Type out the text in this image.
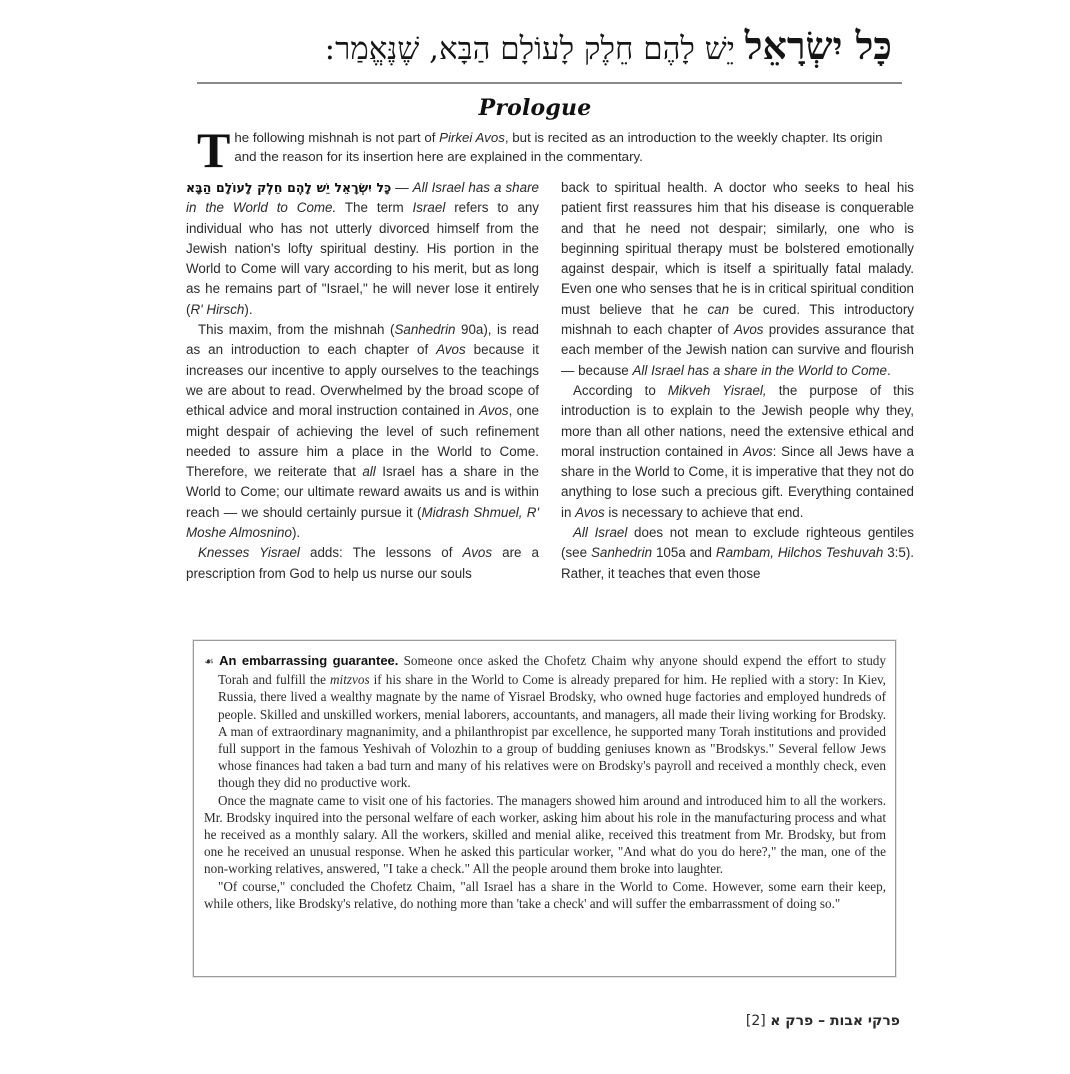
כָּל יִשְׂרָאֵל יֵשׁ לָהֶם חֵלֶק לָעוֹלָם הַבָּא, שֶׁנֶּאֱמַר:
Prologue
The following mishnah is not part of Pirkei Avos, but is recited as an introduction to the weekly chapter. Its origin and the reason for its insertion here are explained in the commentary.

כָּל יִשְׂרָאֵל יֵשׁ לָהֶם חֵלֶק לָעוֹלָם הַבָּא — All Israel has a share in the World to Come. The term Israel refers to any individual who has not utterly divorced himself from the Jewish nation's lofty spiritual destiny. His portion in the World to Come will vary according to his merit, but as long as he remains part of "Israel," he will never lose it entirely (R' Hirsch).

This maxim, from the mishnah (Sanhedrin 90a), is read as an introduction to each chapter of Avos because it increases our incentive to apply ourselves to the teachings we are about to read. Overwhelmed by the broad scope of ethical advice and moral instruction contained in Avos, one might despair of achieving the level of such refinement needed to assure him a place in the World to Come. Therefore, we reiterate that all Israel has a share in the World to Come; our ultimate reward awaits us and is within reach — we should certainly pursue it (Midrash Shmuel, R' Moshe Almosnino).

Knesses Yisrael adds: The lessons of Avos are a prescription from God to help us nurse our souls

back to spiritual health. A doctor who seeks to heal his patient first reassures him that his disease is conquerable and that he need not despair; similarly, one who is beginning spiritual therapy must be bolstered emotionally against despair, which is itself a spiritually fatal malady. Even one who senses that he is in critical spiritual condition must believe that he can be cured. This introductory mishnah to each chapter of Avos provides assurance that each member of the Jewish nation can survive and flourish — because All Israel has a share in the World to Come.

According to Mikveh Yisrael, the purpose of this introduction is to explain to the Jewish people why they, more than all other nations, need the extensive ethical and moral instruction contained in Avos: Since all Jews have a share in the World to Come, it is imperative that they not do anything to lose such a precious gift. Everything contained in Avos is necessary to achieve that end.

All Israel does not mean to exclude righteous gentiles (see Sanhedrin 105a and Rambam, Hilchos Teshuvah 3:5). Rather, it teaches that even those

☙ An embarrassing guarantee. Someone once asked the Chofetz Chaim why anyone should expend the effort to study Torah and fulfill the mitzvos if his share in the World to Come is already prepared for him. He replied with a story: In Kiev, Russia, there lived a wealthy magnate by the name of Yisrael Brodsky, who owned huge factories and employed hundreds of people. Skilled and unskilled workers, menial laborers, accountants, and managers, all made their living working for Brodsky. A man of extraordinary magnanimity, and a philanthropist par excellence, he supported many Torah institutions and provided full support in the famous Yeshivah of Volozhin to a group of budding geniuses known as "Brodskys." Several fellow Jews whose finances had taken a bad turn and many of his relatives were on Brodsky's payroll and received a monthly check, even though they did no productive work.

Once the magnate came to visit one of his factories. The managers showed him around and introduced him to all the workers. Mr. Brodsky inquired into the personal welfare of each worker, asking him about his role in the manufacturing process and what he received as a monthly salary. All the workers, skilled and menial alike, received this treatment from Mr. Brodsky, but from one he received an unusual response. When he asked this particular worker, "And what do you do here?," the man, one of the non-working relatives, answered, "I take a check." All the people around them broke into laughter.

"Of course," concluded the Chofetz Chaim, "all Israel has a share in the World to Come. However, some earn their keep, while others, like Brodsky's relative, do nothing more than 'take a check' and will suffer the embarrassment of doing so."

פרקי אבות – פרק א [2]
